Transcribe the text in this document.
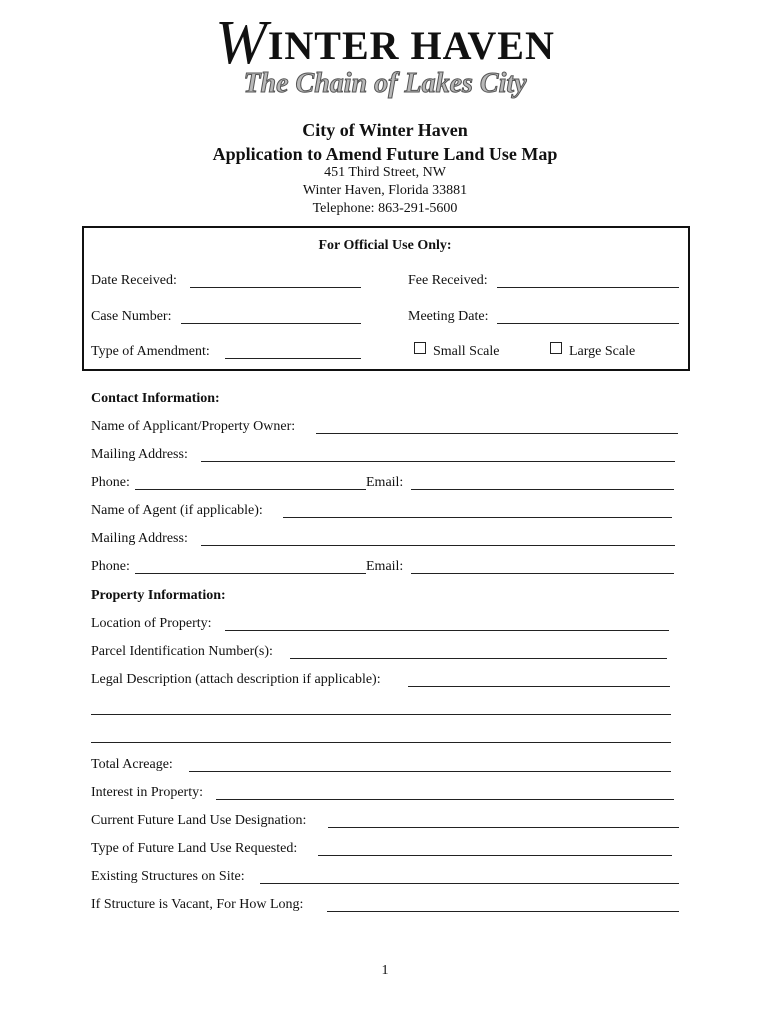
WINTER HAVEN
The Chain of Lakes City
City of Winter Haven
Application to Amend Future Land Use Map
451 Third Street, NW
Winter Haven, Florida 33881
Telephone: 863-291-5600
For Official Use Only:
Date Received:	Fee Received:
Case Number:	Meeting Date:
Type of Amendment:	Small Scale	Large Scale
Contact Information:
Name of Applicant/Property Owner:
Mailing Address:
Phone:	Email:
Name of Agent (if applicable):
Mailing Address:
Phone:	Email:
Property Information:
Location of Property:
Parcel Identification Number(s):
Legal Description (attach description if applicable):
Total Acreage:
Interest in Property:
Current Future Land Use Designation:
Type of Future Land Use Requested:
Existing Structures on Site:
If Structure is Vacant, For How Long:
1
